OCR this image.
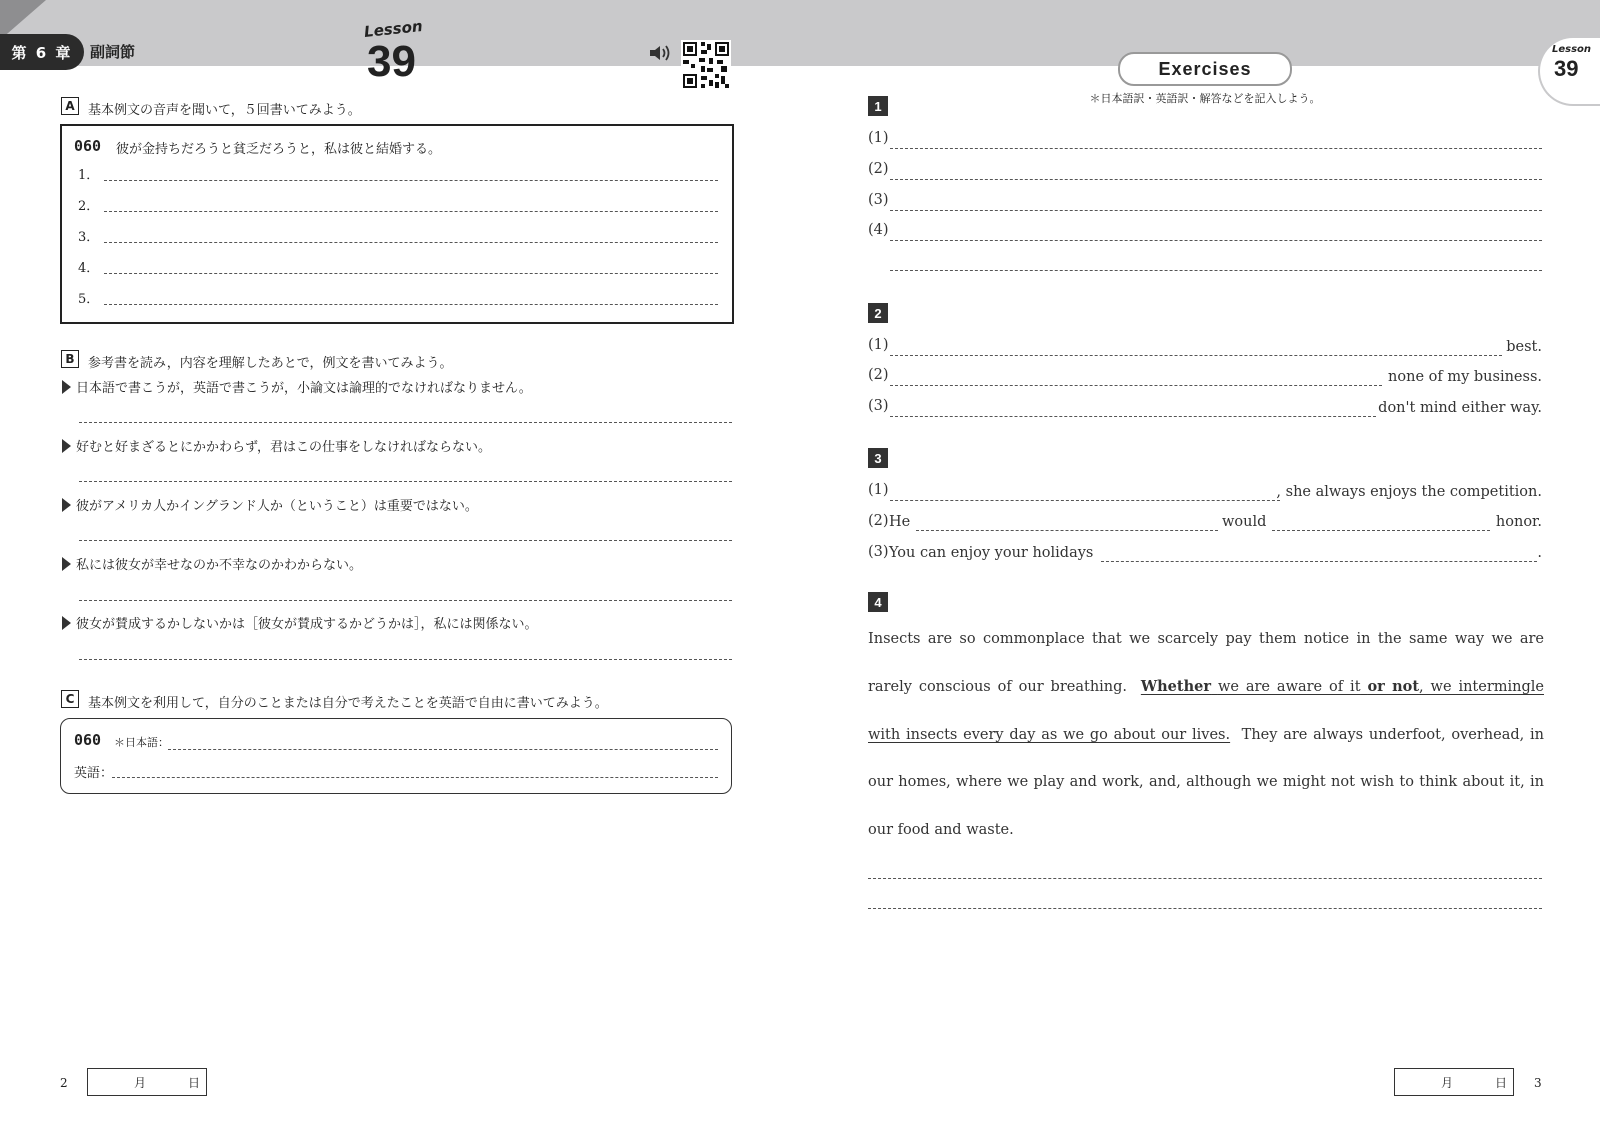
第 6 章	副詞節
Lesson
39	Lesson
39
A	基本例文の音声を聞いて，５回書いてみよう。
060 彼が金持ちだろうと貧乏だろうと，私は彼と結婚する。
1．
2．
3．
4．
5．
B	参考書を読み，内容を理解したあとで，例文を書いてみよう。
日本語で書こうが，英語で書こうが，小論文は論理的でなければなりません。
好むと好まざるとにかかわらず，君はこの仕事をしなければならない。
彼がアメリカ人かイングランド人か（ということ）は重要ではない。
私には彼女が幸せなのか不幸なのかわからない。
彼女が賛成するかしないかは［彼女が賛成するかどうかは］，私には関係ない。
C	基本例文を利用して，自分のことまたは自分で考えたことを英語で自由に書いてみよう。
060 ＊日本語：
英語：
2	月	日
Exercises
＊日本語訳・英語訳・解答などを記入しよう。
1
(1)
(2)
(3)
(4)
2
(1)	best.
(2)	none of my business.
(3)	don't mind either way.
3
(1)	, she always enjoys the competition.
(2) He	would	honor.
(3) You can enjoy your holidays	.
4
Insects are so commonplace that we scarcely pay them notice in the same way we are rarely conscious of our breathing. Whether we are aware of it or not, we intermingle with insects every day as we go about our lives. They are always underfoot, overhead, in our homes, where we play and work, and, although we might not wish to think about it, in our food and waste.
月	日 3
